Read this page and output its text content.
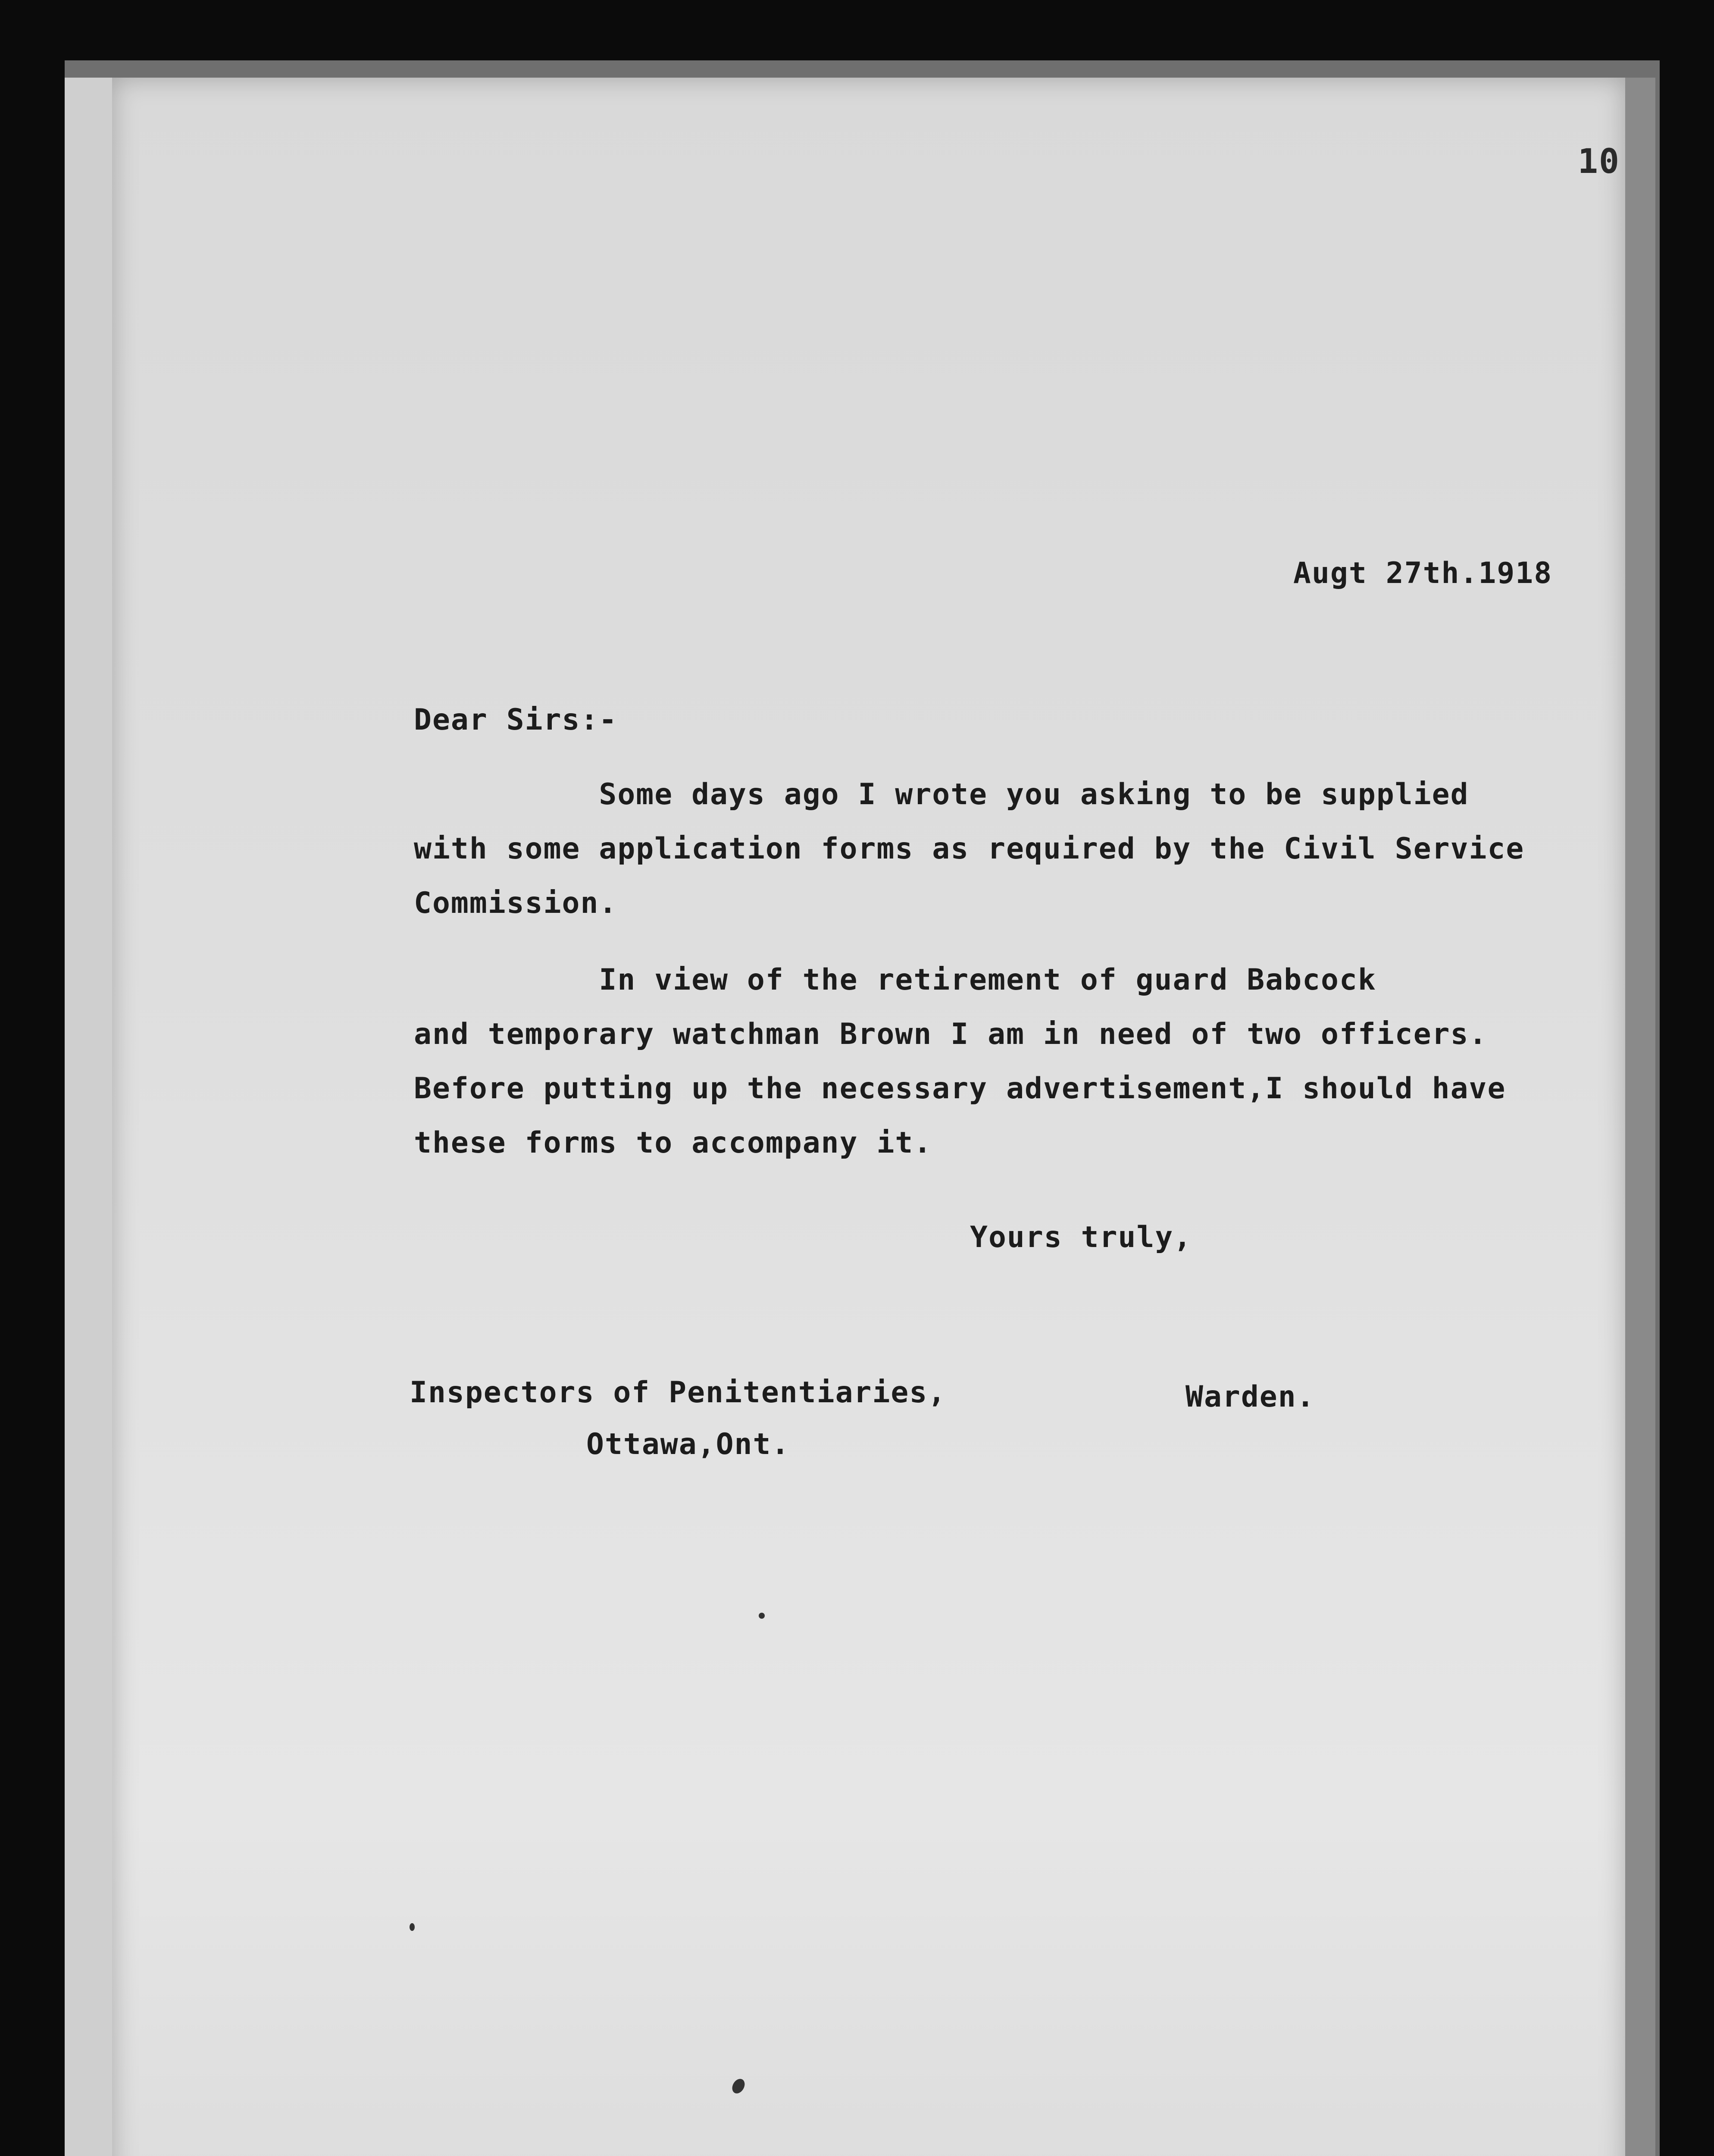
10
Augt 27th.1918
Dear Sirs:-
Some days ago I wrote you asking to be supplied
with some application forms as required by the Civil Service
Commission.
In view of the retirement of guard Babcock
and temporary watchman Brown I am in need of two officers.
Before putting up the necessary advertisement,I should have
these forms to accompany it.
Yours truly,
Inspectors of Penitentiaries,
Ottawa,Ont.
Warden.
